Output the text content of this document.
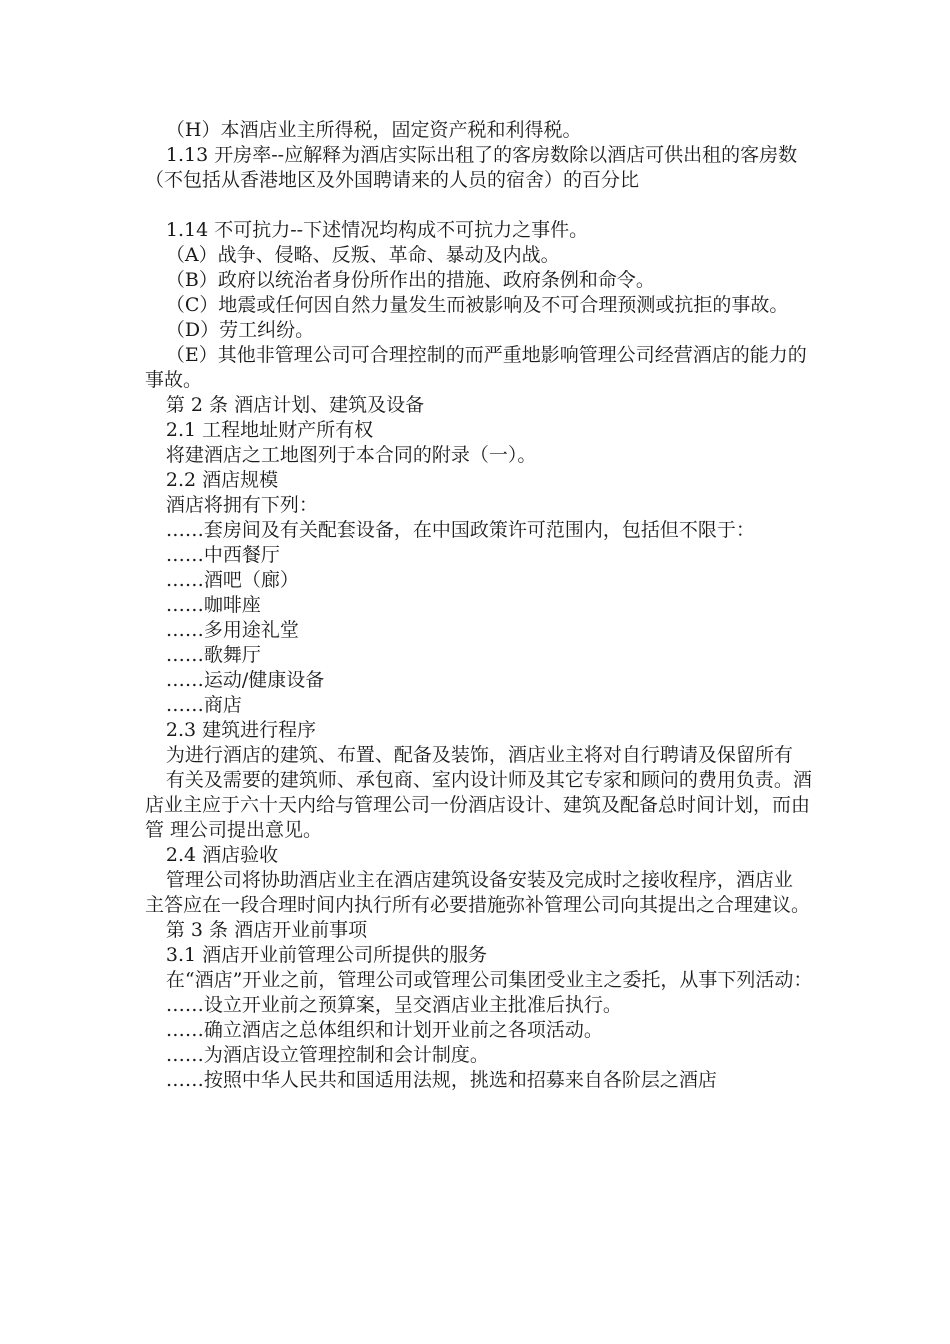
（H）本酒店业主所得税，固定资产税和利得税。

1.13 开房率--应解释为酒店实际出租了的客房数除以酒店可供出租的客房数（不包括从香港地区及外国聘请来的人员的宿舍）的百分比

1.14 不可抗力--下述情况均构成不可抗力之事件。

（A）战争、侵略、反叛、革命、暴动及内战。

（B）政府以统治者身份所作出的措施、政府条例和命令。

（C）地震或任何因自然力量发生而被影响及不可合理预测或抗拒的事故。

（D）劳工纠纷。

（E）其他非管理公司可合理控制的而严重地影响管理公司经营酒店的能力的事故。

第 2 条 酒店计划、建筑及设备

2.1 工程地址财产所有权

将建酒店之工地图列于本合同的附录（一）。

2.2 酒店规模

酒店将拥有下列：

……套房间及有关配套设备，在中国政策许可范围内，包括但不限于：

……中西餐厅

……酒吧（廊）

……咖啡座

……多用途礼堂

……歌舞厅

……运动/健康设备

……商店

2.3 建筑进行程序

为进行酒店的建筑、布置、配备及装饰，酒店业主将对自行聘请及保留所有

有关及需要的建筑师、承包商、室内设计师及其它专家和顾问的费用负责。酒店业主应于六十天内给与管理公司一份酒店设计、建筑及配备总时间计划，而由管 理公司提出意见。

2.4 酒店验收

管理公司将协助酒店业主在酒店建筑设备安装及完成时之接收程序，酒店业 主答应在一段合理时间内执行所有必要措施弥补管理公司向其提出之合理建议。

第 3 条 酒店开业前事项

3.1 酒店开业前管理公司所提供的服务

在“酒店”开业之前，管理公司或管理公司集团受业主之委托，从事下列活动：

……设立开业前之预算案，呈交酒店业主批准后执行。

……确立酒店之总体组织和计划开业前之各项活动。

……为酒店设立管理控制和会计制度。

……按照中华人民共和国适用法规，挑选和招募来自各阶层之酒店
